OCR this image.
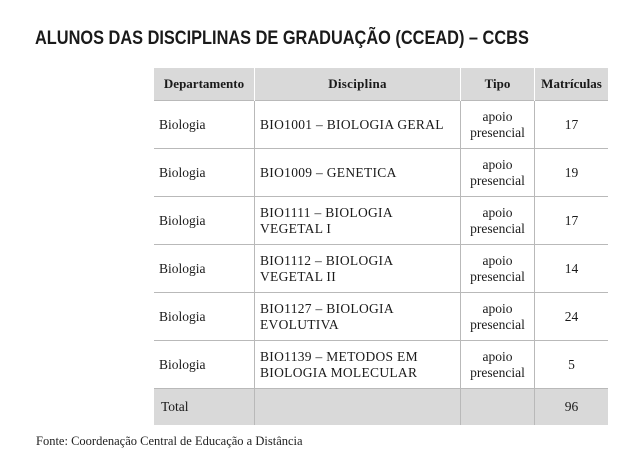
ALUNOS DAS DISCIPLINAS DE GRADUAÇÃO (CCEAD) – CCBS
Departamento	Disciplina	Tipo	Matrículas
Biologia	BIO1001 – BIOLOGIA GERAL	apoio presencial	17
Biologia	BIO1009 – GENETICA	apoio presencial	19
Biologia	BIO1111 – BIOLOGIA VEGETAL I	apoio presencial	17
Biologia	BIO1112 – BIOLOGIA VEGETAL II	apoio presencial	14
Biologia	BIO1127 – BIOLOGIA EVOLUTIVA	apoio presencial	24
Biologia	BIO1139 – METODOS EM BIOLOGIA MOLECULAR	apoio presencial	5
Total			96
Fonte: Coordenação Central de Educação a Distância
